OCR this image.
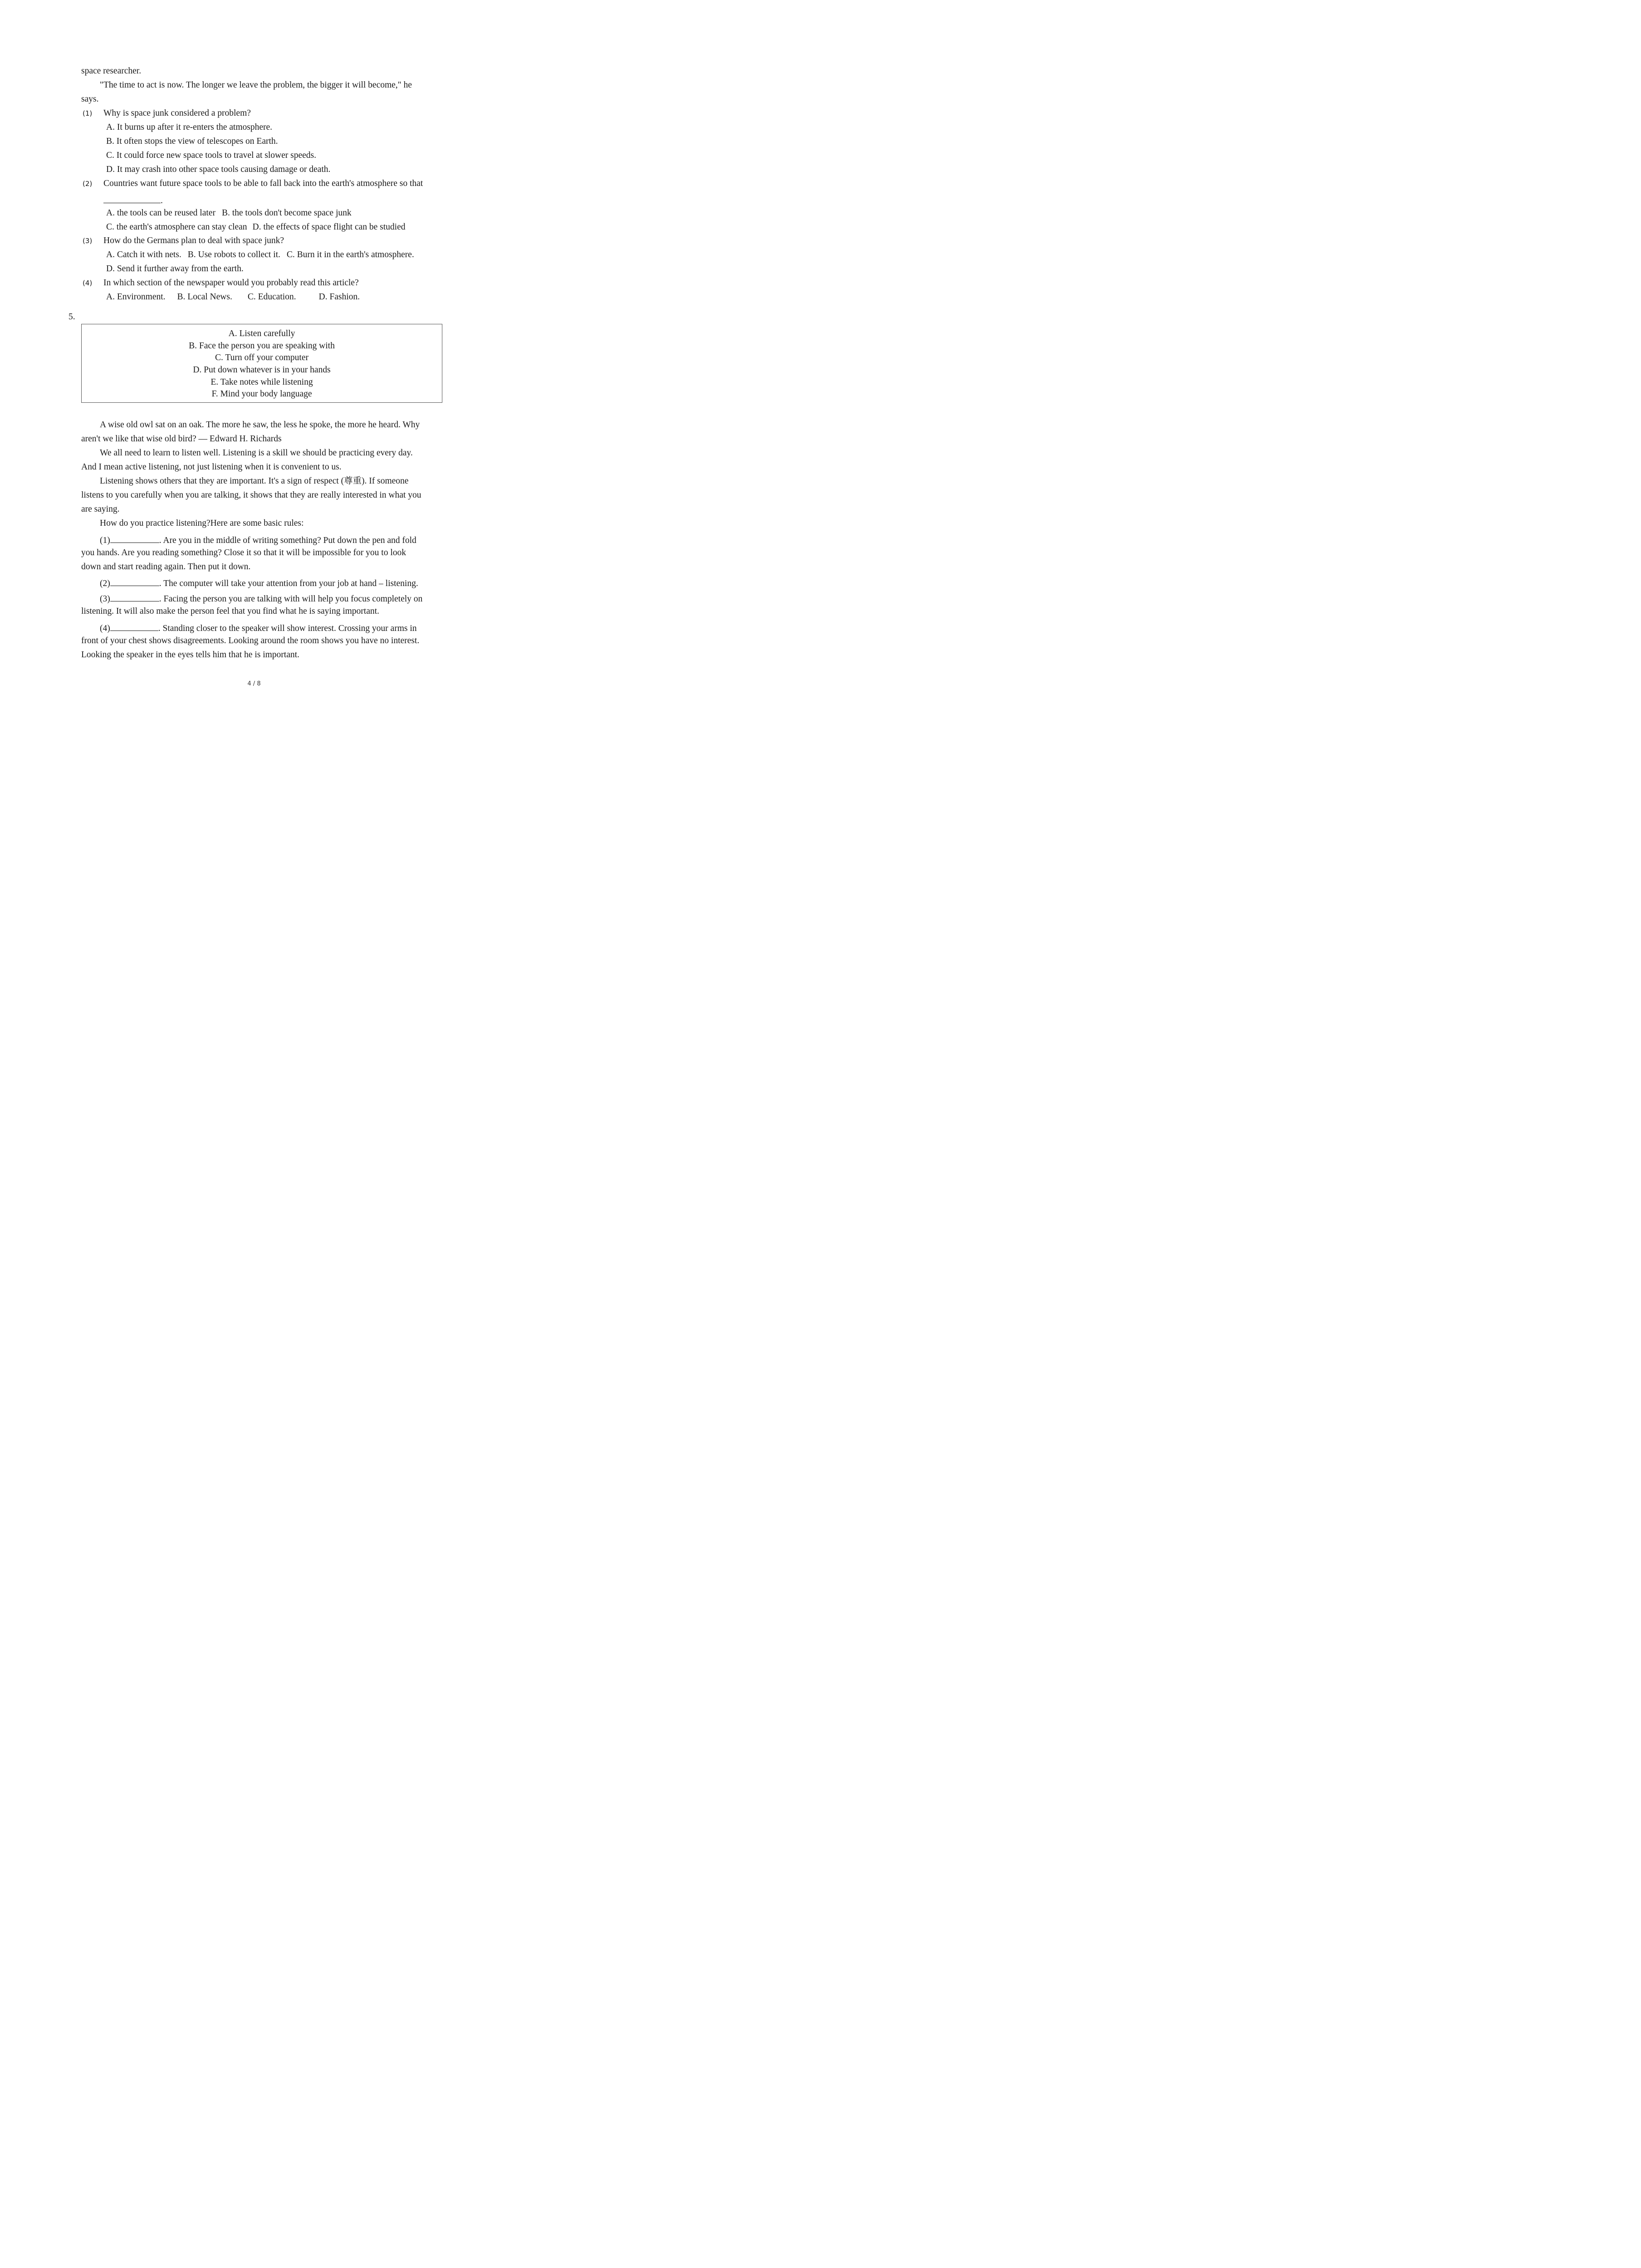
space researcher.
"The time to act is now. The longer we leave the problem, the bigger it will become," he
says.
(1) Why is space junk considered a problem?
A. It burns up after it re-enters the atmosphere.
B. It often stops the view of telescopes on Earth.
C. It could force new space tools to travel at slower speeds.
D. It may crash into other space tools causing damage or death.
(2) Countries want future space tools to be able to fall back into the earth's atmosphere so that
.
A. the tools can be reused later B. the tools don't become space junk
C. the earth's atmosphere can stay clean D. the effects of space flight can be studied
(3) How do the Germans plan to deal with space junk?
A. Catch it with nets. B. Use robots to collect it. C. Burn it in the earth's atmosphere.
D. Send it further away from the earth.
(4) In which section of the newspaper would you probably read this article?
A. Environment. B. Local News. C. Education.	D. Fashion.
5.
A. Listen carefully
B. Face the person you are speaking with
C. Turn off your computer
D. Put down whatever is in your hands
E. Take notes while listening
F. Mind your body language
A wise old owl sat on an oak. The more he saw, the less he spoke, the more he heard. Why
aren't we like that wise old bird? — Edward H. Richards
We all need to learn to listen well. Listening is a skill we should be practicing every day.
And I mean active listening, not just listening when it is convenient to us.
Listening shows others that they are important. It's a sign of respect (尊重). If someone
listens to you carefully when you are talking, it shows that they are really interested in what you
are saying.
How do you practice listening?Here are some basic rules:
(1)	. Are you in the middle of writing something? Put down the pen and fold
you hands. Are you reading something? Close it so that it will be impossible for you to look
down and start reading again. Then put it down.
(2)	. The computer will take your attention from your job at hand – listening.
(3)	. Facing the person you are talking with will help you focus completely on
listening. It will also make the person feel that you find what he is saying important.
(4)	. Standing closer to the speaker will show interest. Crossing your arms in
front of your chest shows disagreements. Looking around the room shows you have no interest.
Looking the speaker in the eyes tells him that he is important.
4 / 8
